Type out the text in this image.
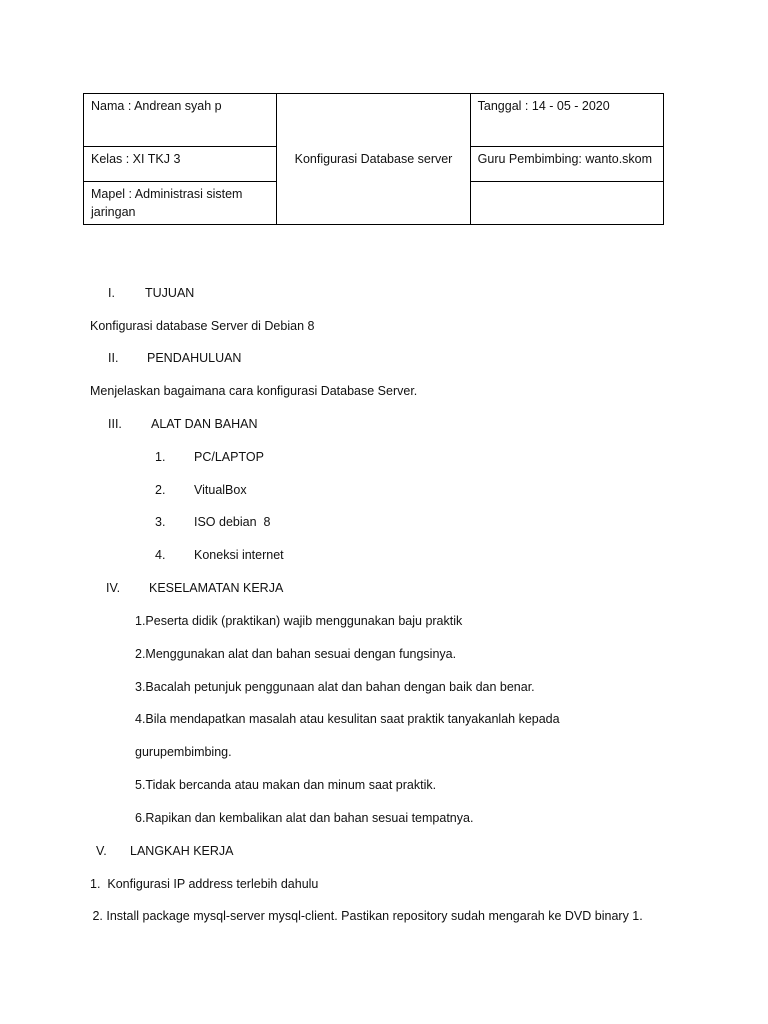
Nama : Andrean syah p	Konfigurasi Database server	Tanggal : 14 - 05 - 2020
Kelas : XI TKJ 3		Guru Pembimbing: wanto.skom
Mapel : Administrasi sistem jaringan		
I. TUJUAN
Konfigurasi database Server di Debian 8
II. PENDAHULUAN
Menjelaskan bagaimana cara konfigurasi Database Server.
III. ALAT DAN BAHAN
1. PC/LAPTOP
2. VitualBox
3. ISO debian  8
4. Koneksi internet
IV. KESELAMATAN KERJA
1.Peserta didik (praktikan) wajib menggunakan baju praktik
2.Menggunakan alat dan bahan sesuai dengan fungsinya.
3.Bacalah petunjuk penggunaan alat dan bahan dengan baik dan benar.
4.Bila mendapatkan masalah atau kesulitan saat praktik tanyakanlah kepada
gurupembimbing.
5.Tidak bercanda atau makan dan minum saat praktik.
6.Rapikan dan kembalikan alat dan bahan sesuai tempatnya.
V. LANGKAH KERJA
1.  Konfigurasi IP address terlebih dahulu
2. Install package mysql-server mysql-client. Pastikan repository sudah mengarah ke DVD binary 1.
